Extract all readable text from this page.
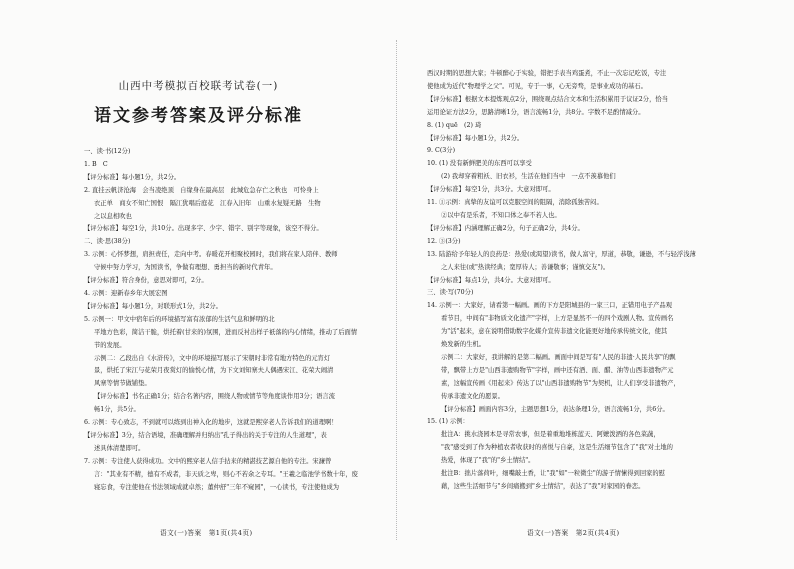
山西中考模拟百校联考试卷(一)
语文参考答案及评分标准
一、读·书(12分)
1. B　C
【评分标准】每小题1分，共2分。
2. 直挂云帆济沧海　会当凌绝顶　自缘身在最高层　此城危急存亡之秋也　可怜身上
衣正单　商女不知亡国恨　隔江犹唱后庭花　江春入旧年　山重水复疑无路　生物
之以息相吹也
【评分标准】每空1分，共10分。出现多字、少字、错字、别字等现象，该空不得分。
二、读·思(38分)
3. 示例：心怀梦想，肩担责任，走向中考。春暖花开相聚校园时，我们将在家人陪伴、教师
守候中努力学习，为国读书，争做有理想、勇担当的新时代青年。
【评分标准】符合身份，意思对即可，2分。
4. 示例：迎新春乡年大展宏图
【评分标准】每小题1分，对联形式1分，共2分。
5. 示例一：甲文中宿年后的环境描写富有浓郁的生活气息和鲜明的北
平地方色彩，简洁干脆，烘托着(甘来的)氛围，进而反衬出样子祇落的内心情绪，推动了后面情
节的发展。
示例二：乙段出自《水浒传》，文中的环境描写展示了宋朝时非常有地方特色的元宵灯
景，烘托了宋江与花荣月夜赏灯的愉悦心情，为下文刘知寨夫人偶遇宋江、花荣大闹清
风寨等情节做铺垫。
【评分标准】书名正确1分；结合名著内容，围绕人物或情节等角度谈作用3分；语言流
畅1分，共5分。
6. 示例：专心致志，不到就可以练到出神入化的地步，这就是熙穿老人告诉我们的道理啊！
【评分标准】3分，结合语境，准确理解并归纳出"孔子得出的关于专注的人生道理"，表
述具体清楚即可。
7. 示例：专注使人获得成功。文中的熙穿老人信手拈来的精湛技艺源自他的专注。宋濂曾
言："其业有不精，德有不成者，非天质之卑，则心不若余之专耳。"王羲之临池学书数十年，废
寝忘食，专注使他在书法领域成就卓然；董仲舒"三年不窥园"，一心读书，专注使他成为
语文(一)答案　第1页(共4页)
西汉时期的思想大家；牛顿醉心于实验，错把手表当鸡蛋煮，不止一次忘记吃饭，专注
使他成为近代"物理学之父"。可见，专于一事，心无旁骛，是事业成功的基石。
【评分标准】根据文本提炼观点2分，围绕观点结合文本和生活积累用于议证2分，恰当
运用论证方法2分，思路清晰1分，语言流畅1分，共8分。字数不足酌情减分。
8. (1) quē　(2) 琦
【评分标准】每小题1分，共2分。
9. C(3分)
10. (1) 没有新鲜肥美的东西可以享受
(2) 我却穿着粗袄、旧衣衫，生活在他们当中　一点不羡慕他们
【评分标准】每空1分，共3分。大意对即可。
11. ①示例：真挚的友谊可以克服空间的阻隔，消除孤独苦闷。
②以中有是乐者，不知口体之奉不若人也。
【评分标准】内涵理解正确2分，句子正确2分，共4分。
12. ③(3分)
13. 陆游给予年轻人的良药是：热爱(或渴望)读书，做人富守，厚道，恭敬，谦逊，不与轻浮浅薄
之人来往(或"热读经典；宽厚待人；善谦敬事；谨慎交友")。
【评分标准】每点1分，共4分。大意对即可。
三、读·写(70分)
14. 示例一：大家好，请看第一幅画。画的下方是阳城县的一家三口，正错用电子产品观
看节目，中间有"非物质文化遗产"字样，上方是显然不一的四个戏剧人物。宣传画名
为"活"起来，意在说明借助数字化媒介宣传非遗文化能更好地传承传统文化，使其
焕发新的生机。
示例二：大家好，我讲解的是第二幅画。画面中间是写有"人民的非遗·人民共享"的飘
带，飘带上方是"山西非遗购物节"字样，画中还有酒、面、醋、油等山西非遗物产元
素，这幅宣传画《用起来》传达了以"山西非遗购物节"为契机，让人们享受非遗物产，
传承非遗文化的愿景。
【评分标准】画面内容3分，主题思想1分，表达条理1分，语言流畅1分，共6分。
15. (1) 示例：
批注A：挑水浇园本是寻常农事，但是着重地堆栋蓝天、阿嬷泼洒的各色菜蔬，
"我"感受到了作为种植农者收获时的喜悦与自豪，这是生活细节包含了"我"对土地的
热爱，体现了"我"的"乡土情结"。
批注B：拙片落荷叶，细嘴敲土香，让"我"如"一粒微尘"的游子情愫得到回家的慰
藉，这些生活细节与"乡间痛搬到"乡土情结"，表达了"我"对家园的眷恋。
语文(一)答案　第2页(共4页)
